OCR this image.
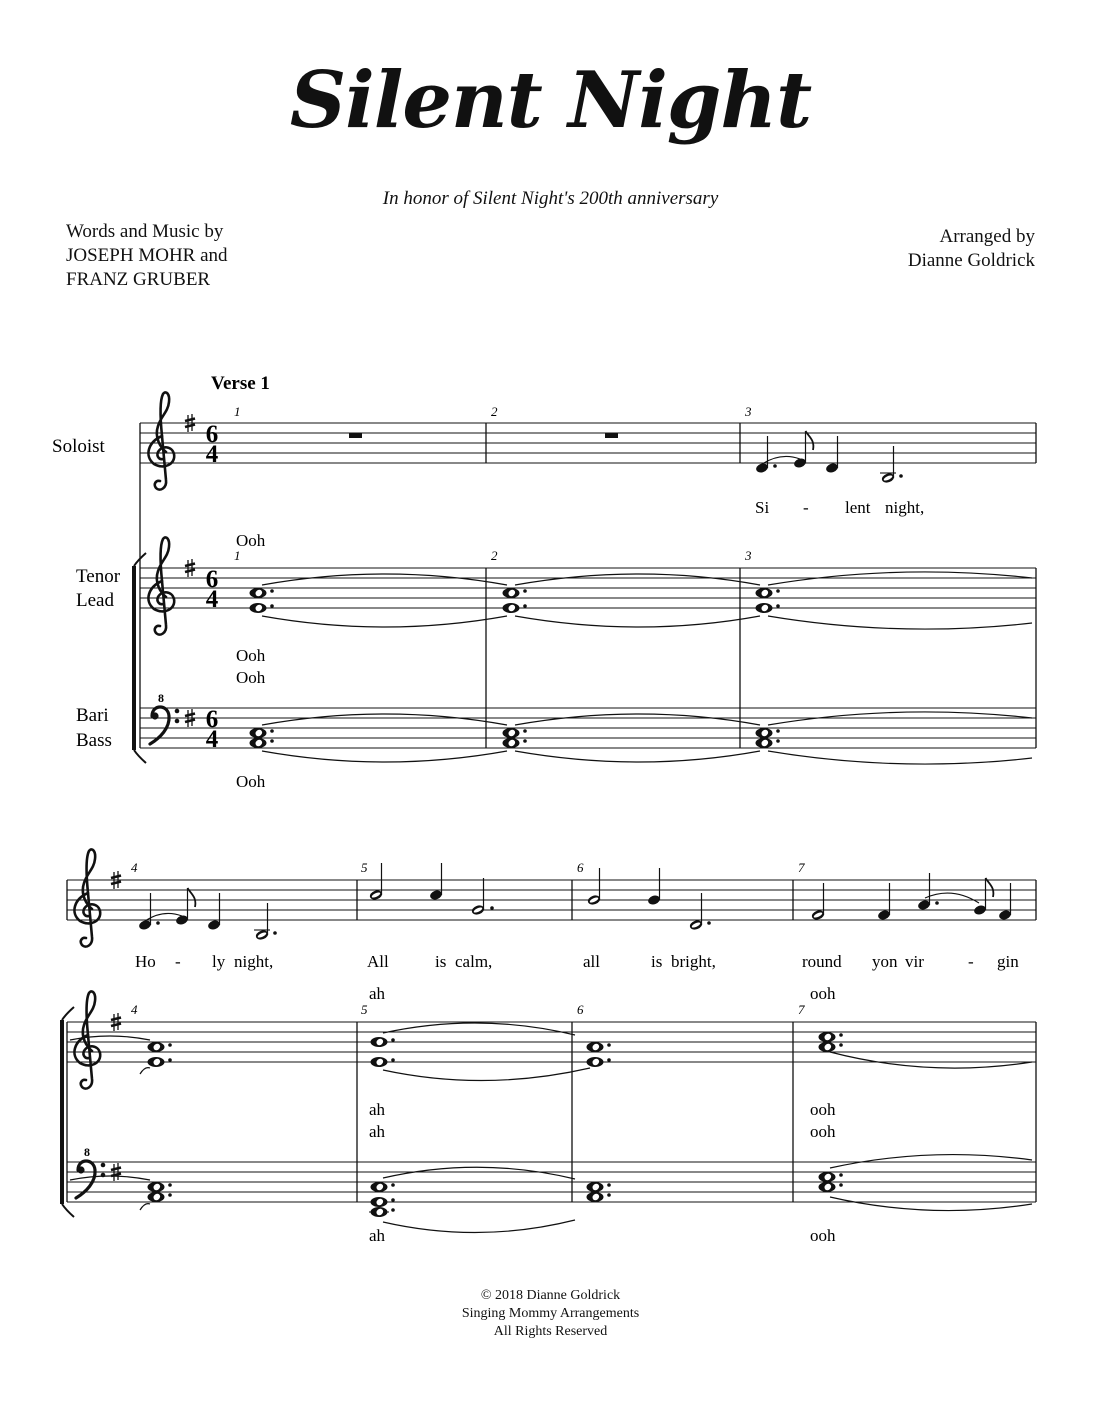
Silent Night
In honor of Silent Night's 200th anniversary
Words and Music by
JOSEPH MOHR and
FRANZ GRUBER
Arranged by
Dianne Goldrick
Verse 1
Soloist
Tenor
Lead
Bari
Bass
8
6
4
6
4
6
4
1	2	3
1	2	3
Si - lent night,
Ooh
Ooh
Ooh
Ooh
8
4	5	6	7
4	5	6	7
Ho - ly night,	All	is calm,	all	is bright,	round yon vir	- gin
ah	ooh
ah	ooh
ah	ooh
ah	ooh
© 2018 Dianne Goldrick
Singing Mommy Arrangements
All Rights Reserved
